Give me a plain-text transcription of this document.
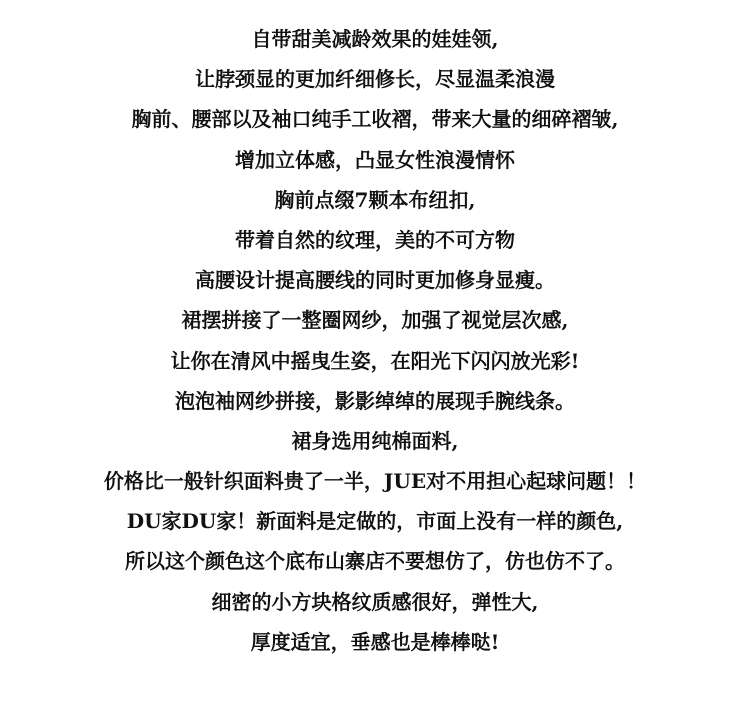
自带甜美减龄效果的娃娃领,
让脖颈显的更加纤细修长，尽显温柔浪漫
胸前、腰部以及袖口纯手工收褶，带来大量的细碎褶皱,
增加立体感，凸显女性浪漫情怀
胸前点缀7颗本布纽扣,
带着自然的纹理，美的不可方物
高腰设计提高腰线的同时更加修身显瘦。
裙摆拼接了一整圈网纱，加强了视觉层次感,
让你在清风中摇曳生姿，在阳光下闪闪放光彩!
泡泡袖网纱拼接，影影绰绰的展现手腕线条。
裙身选用纯棉面料,
价格比一般针织面料贵了一半，JUE对不用担心起球问题！！
DU家DU家！新面料是定做的，市面上没有一样的颜色,
所以这个颜色这个底布山寨店不要想仿了，仿也仿不了。
细密的小方块格纹质感很好，弹性大,
厚度适宜，垂感也是棒棒哒!
